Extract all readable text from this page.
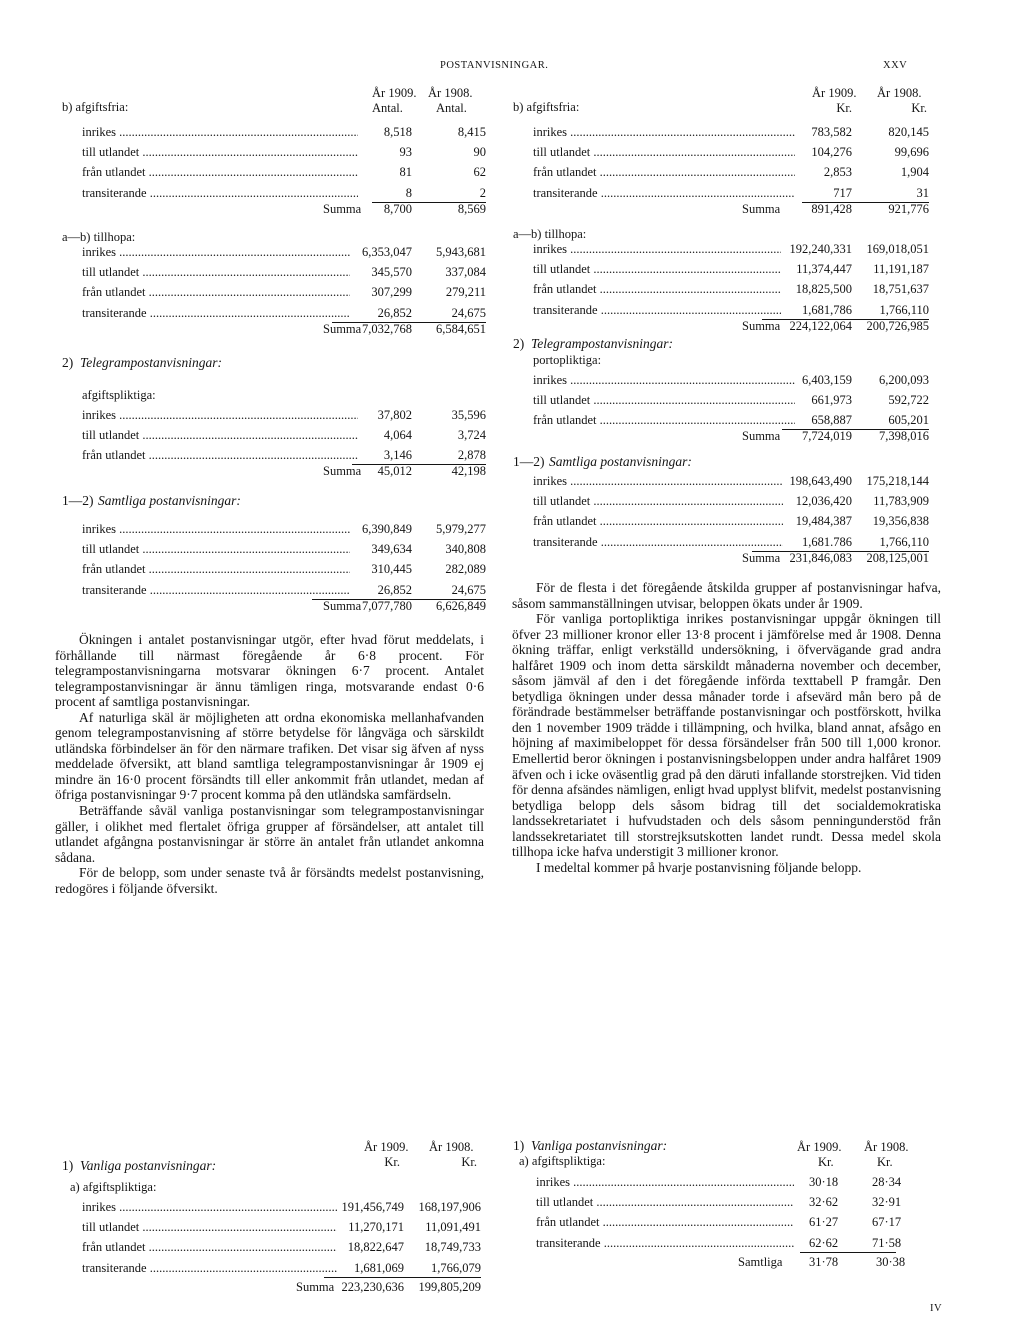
POSTANVISNINGAR.	XXV
År 1909. År 1908.
Antal.	Antal.
b) afgiftsfria:
inrikes .....	8,518	8,415
till utlandet .....	93	90
från utlandet .....	81	62
transiterande .....	8	2
Summa	8,700	8,569
a—b) tillhopa:
inrikes .....	6,353,047	5,943,681
till utlandet .....	345,570	337,084
från utlandet .....	307,299	279,211
transiterande .....	26,852	24,675
Summa 7,032,768	6,584,651
2) Telegrampostanvisningar:
afgiftspliktiga:
inrikes .....	37,802	35,596
till utlandet .....	4,064	3,724
från utlandet .....	3,146	2,878
Summa	45,012	42,198
1—2) Samtliga postanvisningar:
inrikes .....	6,390,849	5,979,277
till utlandet .....	349,634	340,808
från utlandet .....	310,445	282,089
transiterande .....	26,852	24,675
Summa 7,077,780	6,626,849
År 1909. År 1908.
Kr.	Kr.
1) Vanliga postanvisningar:
a) afgiftspliktiga:
inrikes .....	191,456,749	168,197,906
till utlandet .....	11,270,171	11,091,491
från utlandet .....	18,822,647	18,749,733
transiterande .....	1,681,069	1,766,079
Summa 223,230,636	199,805,209
År 1909. År 1908.
Kr.	Kr.
b) afgiftsfria:
inrikes .....	783,582	820,145
till utlandet .....	104,276	99,696
från utlandet .....	2,853	1,904
transiterande .....	717	31
Summa	891,428	921,776
a—b) tillhopa:
inrikes .....	192,240,331	169,018,051
till utlandet .....	11,374,447	11,191,187
från utlandet .....	18,825,500	18,751,637
transiterande .....	1,681,786	1,766,110
Summa 224,122,064	200,726,985
2) Telegrampostanvisningar:
portopliktiga:
inrikes .....	6,403,159	6,200,093
till utlandet .....	661,973	592,722
från utlandet .....	658,887	605,201
Summa	7,724,019	7,398,016
1—2) Samtliga postanvisningar:
inrikes .....	198,643,490	175,218,144
till utlandet .....	12,036,420	11,783,909
från utlandet .....	19,484,387	19,356,838
transiterande .....	1,681.786	1,766,110
Summa 231,846,083	208,125,001
1) Vanliga postanvisningar:	År 1909. År 1908.
Kr.	Kr.
a) afgiftspliktiga:
inrikes .....	30·18	28·34
till utlandet .....	32·62	32·91
från utlandet .....	61·27	67·17
transiterande .....	62·62	71·58
Samtliga 31·78	30·38

Ökningen i antalet postanvisningar utgör, efter hvad förut meddelats, i förhållande till närmast föregående år 6·8 procent. För telegrampostanvisningarna motsvarar ökningen 6·7 procent. Antalet telegrampostanvisningar är ännu tämligen ringa, motsvarande endast 0·6 procent af samtliga postanvisningar.

Af naturliga skäl är möjligheten att ordna ekonomiska mellanhafvanden genom telegrampostanvisning af större betydelse för långväga och särskildt utländska förbindelser än för den närmare trafiken. Det visar sig äfven af nyss meddelade öfversikt, att bland samtliga telegrampostanvisningar år 1909 ej mindre än 16·0 procent försändts till eller ankommit från utlandet, medan af öfriga postanvisningar 9·7 procent komma på den utländska samfärdseln.

Beträffande såväl vanliga postanvisningar som telegrampostanvisningar gäller, i olikhet med flertalet öfriga grupper af försändelser, att antalet till utlandet afgångna postanvisningar är större än antalet från utlandet ankomna sådana.

För de belopp, som under senaste två år försändts medelst postanvisning, redogöres i följande öfversikt.

För de flesta i det föregående åtskilda grupper af postanvisningar hafva, såsom sammanställningen utvisar, beloppen ökats under år 1909.

För vanliga portopliktiga inrikes postanvisningar uppgår ökningen till öfver 23 millioner kronor eller 13·8 procent i jämförelse med år 1908. Denna ökning träffar, enligt verkställd undersökning, i öfvervägande grad andra halfåret 1909 och inom detta särskildt månaderna november och december, såsom jämväl af den i det föregående införda texttabell P framgår. Den betydliga ökningen under dessa månader torde i afsevärd mån bero på de förändrade bestämmelser beträffande postanvisningar och postförskott, hvilka den 1 november 1909 trädde i tillämpning, och hvilka, bland annat, afsågo en höjning af maximibeloppet för dessa försändelser från 500 till 1,000 kronor. Emellertid beror ökningen i postanvisningsbeloppen under andra halfåret 1909 äfven och i icke oväsentlig grad på den däruti infallande storstrejken. Vid tiden för denna afsändes nämligen, enligt hvad upplyst blifvit, medelst postanvisning betydliga belopp dels såsom bidrag till det socialdemokratiska landssekretariatet i hufvudstaden och dels såsom penningunderstöd från landssekretariatet till storstrejksutskotten landet rundt. Dessa medel skola tillhopa icke hafva understigit 3 millioner kronor.

I medeltal kommer på hvarje postanvisning följande belopp.

IV
